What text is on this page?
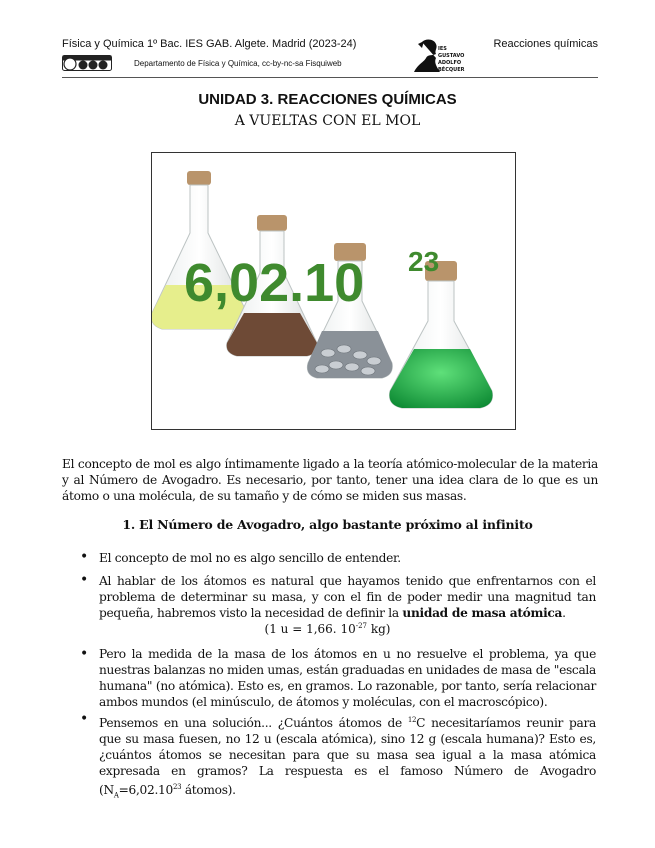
Física y Química 1º Bac. IES GAB. Algete. Madrid (2023-24)	Reacciones químicas
Departamento de Física y Química, cc-by-nc-sa Fisquiweb
IES
GUSTAVO
ADOLFO
BÉCQUER
UNIDAD 3. REACCIONES QUÍMICAS
A VUELTAS CON EL MOL
6,02.10 23
El concepto de mol es algo íntimamente ligado a la teoría atómico-molecular de la materia y al Número de Avogadro. Es necesario, por tanto, tener una idea clara de lo que es un átomo o una molécula, de su tamaño y de cómo se miden sus masas.
1. El Número de Avogadro, algo bastante próximo al infinito
• El concepto de mol no es algo sencillo de entender.
• Al hablar de los átomos es natural que hayamos tenido que enfrentarnos con el problema de determinar su masa, y con el fin de poder medir una magnitud tan pequeña, habremos visto la necesidad de definir la unidad de masa atómica.
(1 u = 1,66. $10^{-27}$ kg)
• Pero la medida de la masa de los átomos en u no resuelve el problema, ya que nuestras balanzas no miden umas, están graduadas en unidades de masa de "escala humana" (no atómica). Esto es, en gramos. Lo razonable, por tanto, sería relacionar ambos mundos (el minúsculo, de átomos y moléculas, con el macroscópico).
• Pensemos en una solución... ¿Cuántos átomos de $^{12}$C necesitaríamos reunir para que su masa fuesen, no 12 u (escala atómica), sino 12 g (escala humana)? Esto es, ¿cuántos átomos se necesitan para que su masa sea igual a la masa atómica expresada en gramos? La respuesta es el famoso Número de Avogadro ($N_A=6,02.10^{23}$ átomos).
